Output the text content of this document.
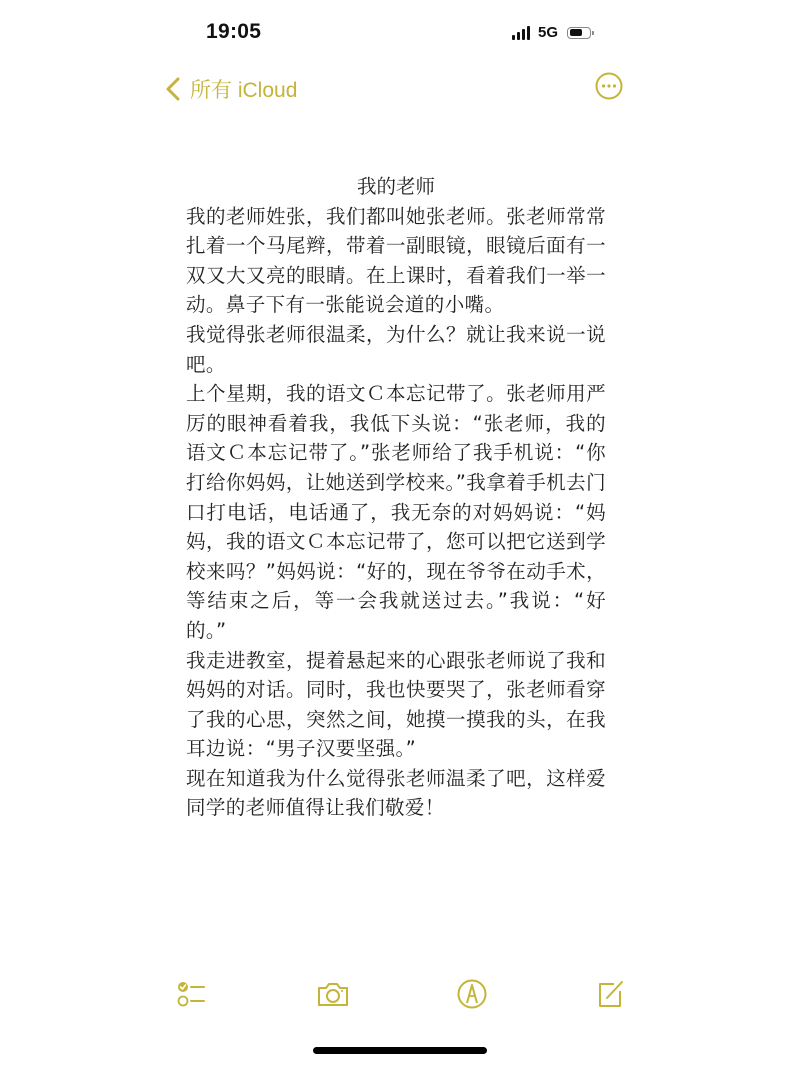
19:05	5G
所有 iCloud
我的老师

我的老师姓张，我们都叫她张老师。张老师常常扎着一个马尾辫，带着一副眼镜，眼镜后面有一双又大又亮的眼睛。在上课时，看着我们一举一动。鼻子下有一张能说会道的小嘴。

我觉得张老师很温柔，为什么？就让我来说一说吧。

上个星期，我的语文Ｃ本忘记带了。张老师用严厉的眼神看着我，我低下头说：“张老师，我的语文Ｃ本忘记带了。”张老师给了我手机说：“你打给你妈妈，让她送到学校来。”我拿着手机去门口打电话，电话通了，我无奈的对妈妈说：“妈妈，我的语文Ｃ本忘记带了，您可以把它送到学校来吗？”妈妈说：“好的，现在爷爷在动手术，等结束之后，等一会我就送过去。”我说：“好的。”

我走进教室，提着悬起来的心跟张老师说了我和妈妈的对话。同时，我也快要哭了，张老师看穿了我的心思，突然之间，她摸一摸我的头，在我耳边说：“男子汉要坚强。”

现在知道我为什么觉得张老师温柔了吧，这样爱同学的老师值得让我们敬爱！
